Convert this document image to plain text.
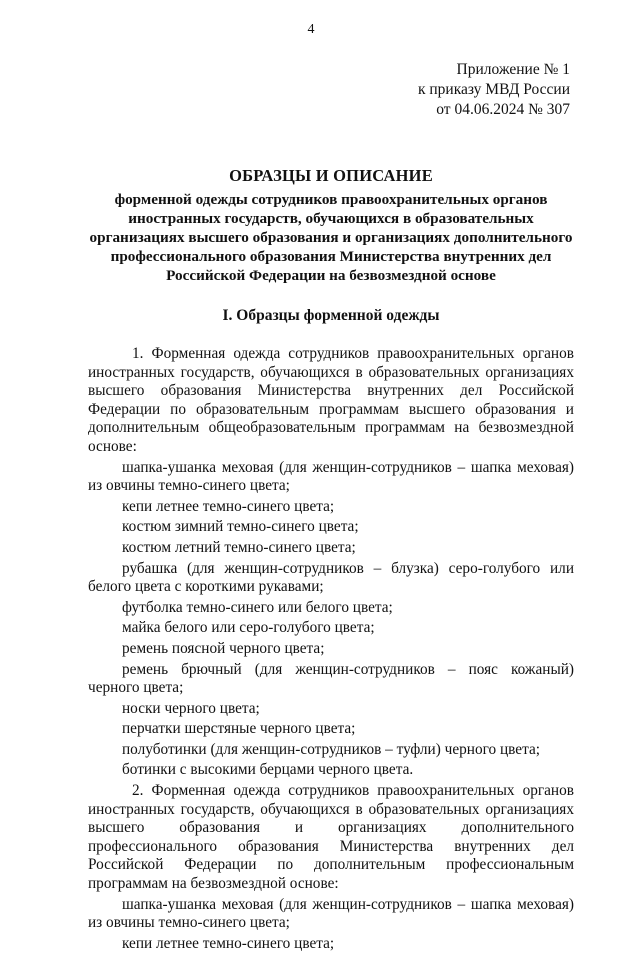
4
Приложение № 1
к приказу МВД России
от 04.06.2024 № 307
ОБРАЗЦЫ И ОПИСАНИЕ
форменной одежды сотрудников правоохранительных органов иностранных государств, обучающихся в образовательных организациях высшего образования и организациях дополнительного профессионального образования Министерства внутренних дел Российской Федерации на безвозмездной основе
I. Образцы форменной одежды

1. Форменная одежда сотрудников правоохранительных органов иностранных государств, обучающихся в образовательных организациях высшего образования Министерства внутренних дел Российской Федерации по образовательным программам высшего образования и дополнительным общеобразовательным программам на безвозмездной основе:

шапка-ушанка меховая (для женщин-сотрудников – шапка меховая) из овчины темно-синего цвета;

кепи летнее темно-синего цвета;

костюм зимний темно-синего цвета;

костюм летний темно-синего цвета;

рубашка (для женщин-сотрудников – блузка) серо-голубого или белого цвета с короткими рукавами;

футболка темно-синего или белого цвета;

майка белого или серо-голубого цвета;

ремень поясной черного цвета;

ремень брючный (для женщин-сотрудников – пояс кожаный) черного цвета;

носки черного цвета;

перчатки шерстяные черного цвета;

полуботинки (для женщин-сотрудников – туфли) черного цвета;

ботинки с высокими берцами черного цвета.

2. Форменная одежда сотрудников правоохранительных органов иностранных государств, обучающихся в образовательных организациях высшего образования и организациях дополнительного профессионального образования Министерства внутренних дел Российской Федерации по дополнительным профессиональным программам на безвозмездной основе:

шапка-ушанка меховая (для женщин-сотрудников – шапка меховая) из овчины темно-синего цвета;

кепи летнее темно-синего цвета;
